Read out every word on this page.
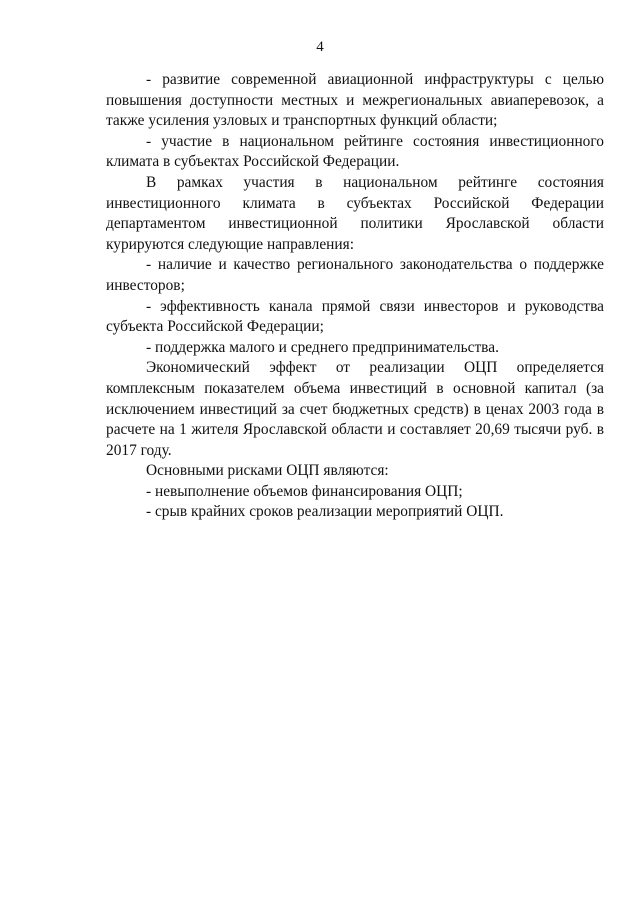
4

- развитие современной авиационной инфраструктуры с целью повышения доступности местных и межрегиональных авиаперевозок, а также усиления узловых и транспортных функций области;

- участие в национальном рейтинге состояния инвестиционного климата в субъектах Российской Федерации.

В рамках участия в национальном рейтинге состояния инвестиционного климата в субъектах Российской Федерации департаментом инвестиционной политики Ярославской области курируются следующие направления:

- наличие и качество регионального законодательства о поддержке инвесторов;

- эффективность канала прямой связи инвесторов и руководства субъекта Российской Федерации;

- поддержка малого и среднего предпринимательства.

Экономический эффект от реализации ОЦП определяется комплексным показателем объема инвестиций в основной капитал (за исключением инвестиций за счет бюджетных средств) в ценах 2003 года в расчете на 1 жителя Ярославской области и составляет 20,69 тысячи руб. в 2017 году.

Основными рисками ОЦП являются:

- невыполнение объемов финансирования ОЦП;

- срыв крайних сроков реализации мероприятий ОЦП.
